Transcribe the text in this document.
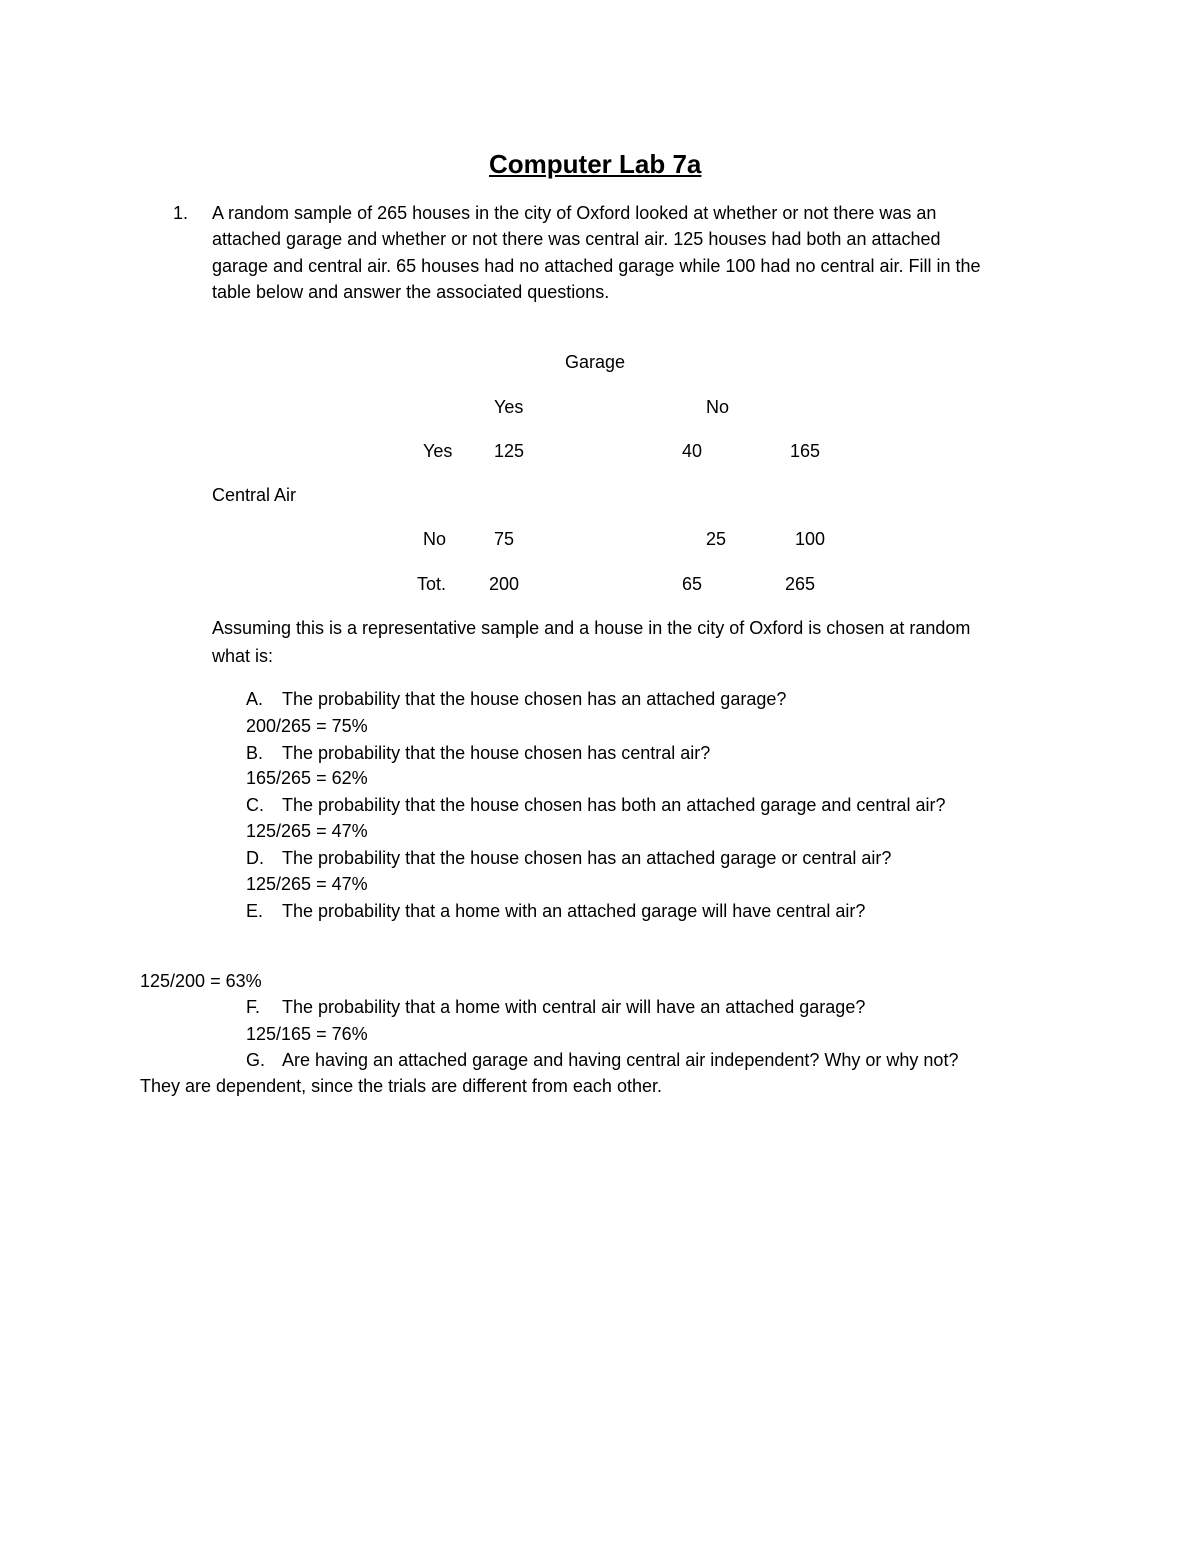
Computer Lab 7a
1. A random sample of 265 houses in the city of Oxford looked at whether or not there was an
attached garage and whether or not there was central air. 125 houses had both an attached
garage and central air. 65 houses had no attached garage while 100 had no central air. Fill in the
table below and answer the associated questions.
Garage
Yes	No
Yes 125	40	165
Central Air
No	75	25	100
Tot. 200	65	265
Assuming this is a representative sample and a house in the city of Oxford is chosen at random
what is:
A. The probability that the house chosen has an attached garage?
200/265 = 75%
B. The probability that the house chosen has central air?
165/265 = 62%
C. The probability that the house chosen has both an attached garage and central air?
125/265 = 47%
D. The probability that the house chosen has an attached garage or central air?
125/265 = 47%
E. The probability that a home with an attached garage will have central air?
125/200 = 63%
F. The probability that a home with central air will have an attached garage?
125/165 = 76%
G. Are having an attached garage and having central air independent? Why or why not?
They are dependent, since the trials are different from each other.
